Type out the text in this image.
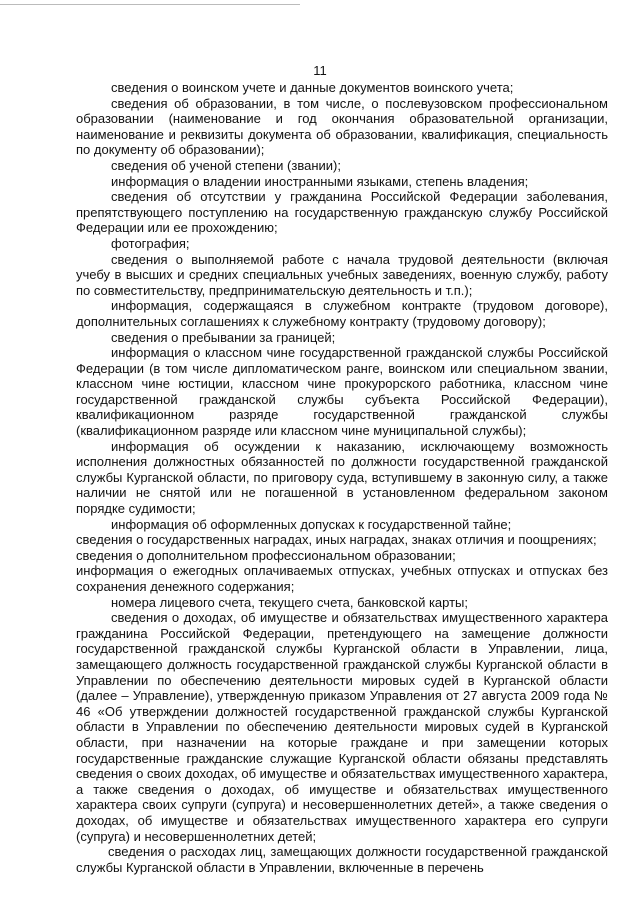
11

сведения о воинском учете и данные документов воинского учета;

сведения об образовании, в том числе, о послевузовском профессиональном образовании (наименование и год окончания образовательной организации, наименование и реквизиты документа об образовании, квалификация, специальность по документу об образовании);

сведения об ученой степени (звании);

информация о владении иностранными языками, степень владения;

сведения об отсутствии у гражданина Российской Федерации заболевания, препятствующего поступлению на государственную гражданскую службу Российской Федерации или ее прохождению;

фотография;

сведения о выполняемой работе с начала трудовой деятельности (включая учебу в высших и средних специальных учебных заведениях, военную службу, работу по совместительству, предпринимательскую деятельность и т.п.);

информация, содержащаяся в служебном контракте (трудовом договоре), дополнительных соглашениях к служебному контракту (трудовому договору);

сведения о пребывании за границей;

информация о классном чине государственной гражданской службы Российской Федерации (в том числе дипломатическом ранге, воинском или специальном звании, классном чине юстиции, классном чине прокурорского работника, классном чине государственной гражданской службы субъекта Российской Федерации), квалификационном разряде государственной гражданской службы (квалификационном разряде или классном чине муниципальной службы);

информация об осуждении к наказанию, исключающему возможность исполнения должностных обязанностей по должности государственной гражданской службы Курганской области, по приговору суда, вступившему в законную силу, а также наличии не снятой или не погашенной в установленном федеральном законом порядке судимости;

информация об оформленных допусках к государственной тайне;

сведения о государственных наградах, иных наградах, знаках отличия и поощрениях;

сведения о дополнительном профессиональном образовании;

информация о ежегодных оплачиваемых отпусках, учебных отпусках и отпусках без сохранения денежного содержания;

номера лицевого счета, текущего счета, банковской карты;

сведения о доходах, об имуществе и обязательствах имущественного характера гражданина Российской Федерации, претендующего на замещение должности государственной гражданской службы Курганской области в Управлении, лица, замещающего должность государственной гражданской службы Курганской области в Управлении по обеспечению деятельности мировых судей в Курганской области (далее – Управление), утвержденную приказом Управления от 27 августа 2009 года № 46 «Об утверждении должностей государственной гражданской службы Курганской области в Управлении по обеспечению деятельности мировых судей в Курганской области, при назначении на которые граждане и при замещении которых государственные гражданские служащие Курганской области обязаны представлять сведения о своих доходах, об имуществе и обязательствах имущественного характера, а также сведения о доходах, об имуществе и обязательствах имущественного характера своих супруги (супруга) и несовершеннолетних детей», а также сведения о доходах, об имуществе и обязательствах имущественного характера его супруги (супруга) и несовершеннолетних детей;

сведения о расходах лиц, замещающих должности государственной гражданской службы Курганской области в Управлении, включенные в перечень
